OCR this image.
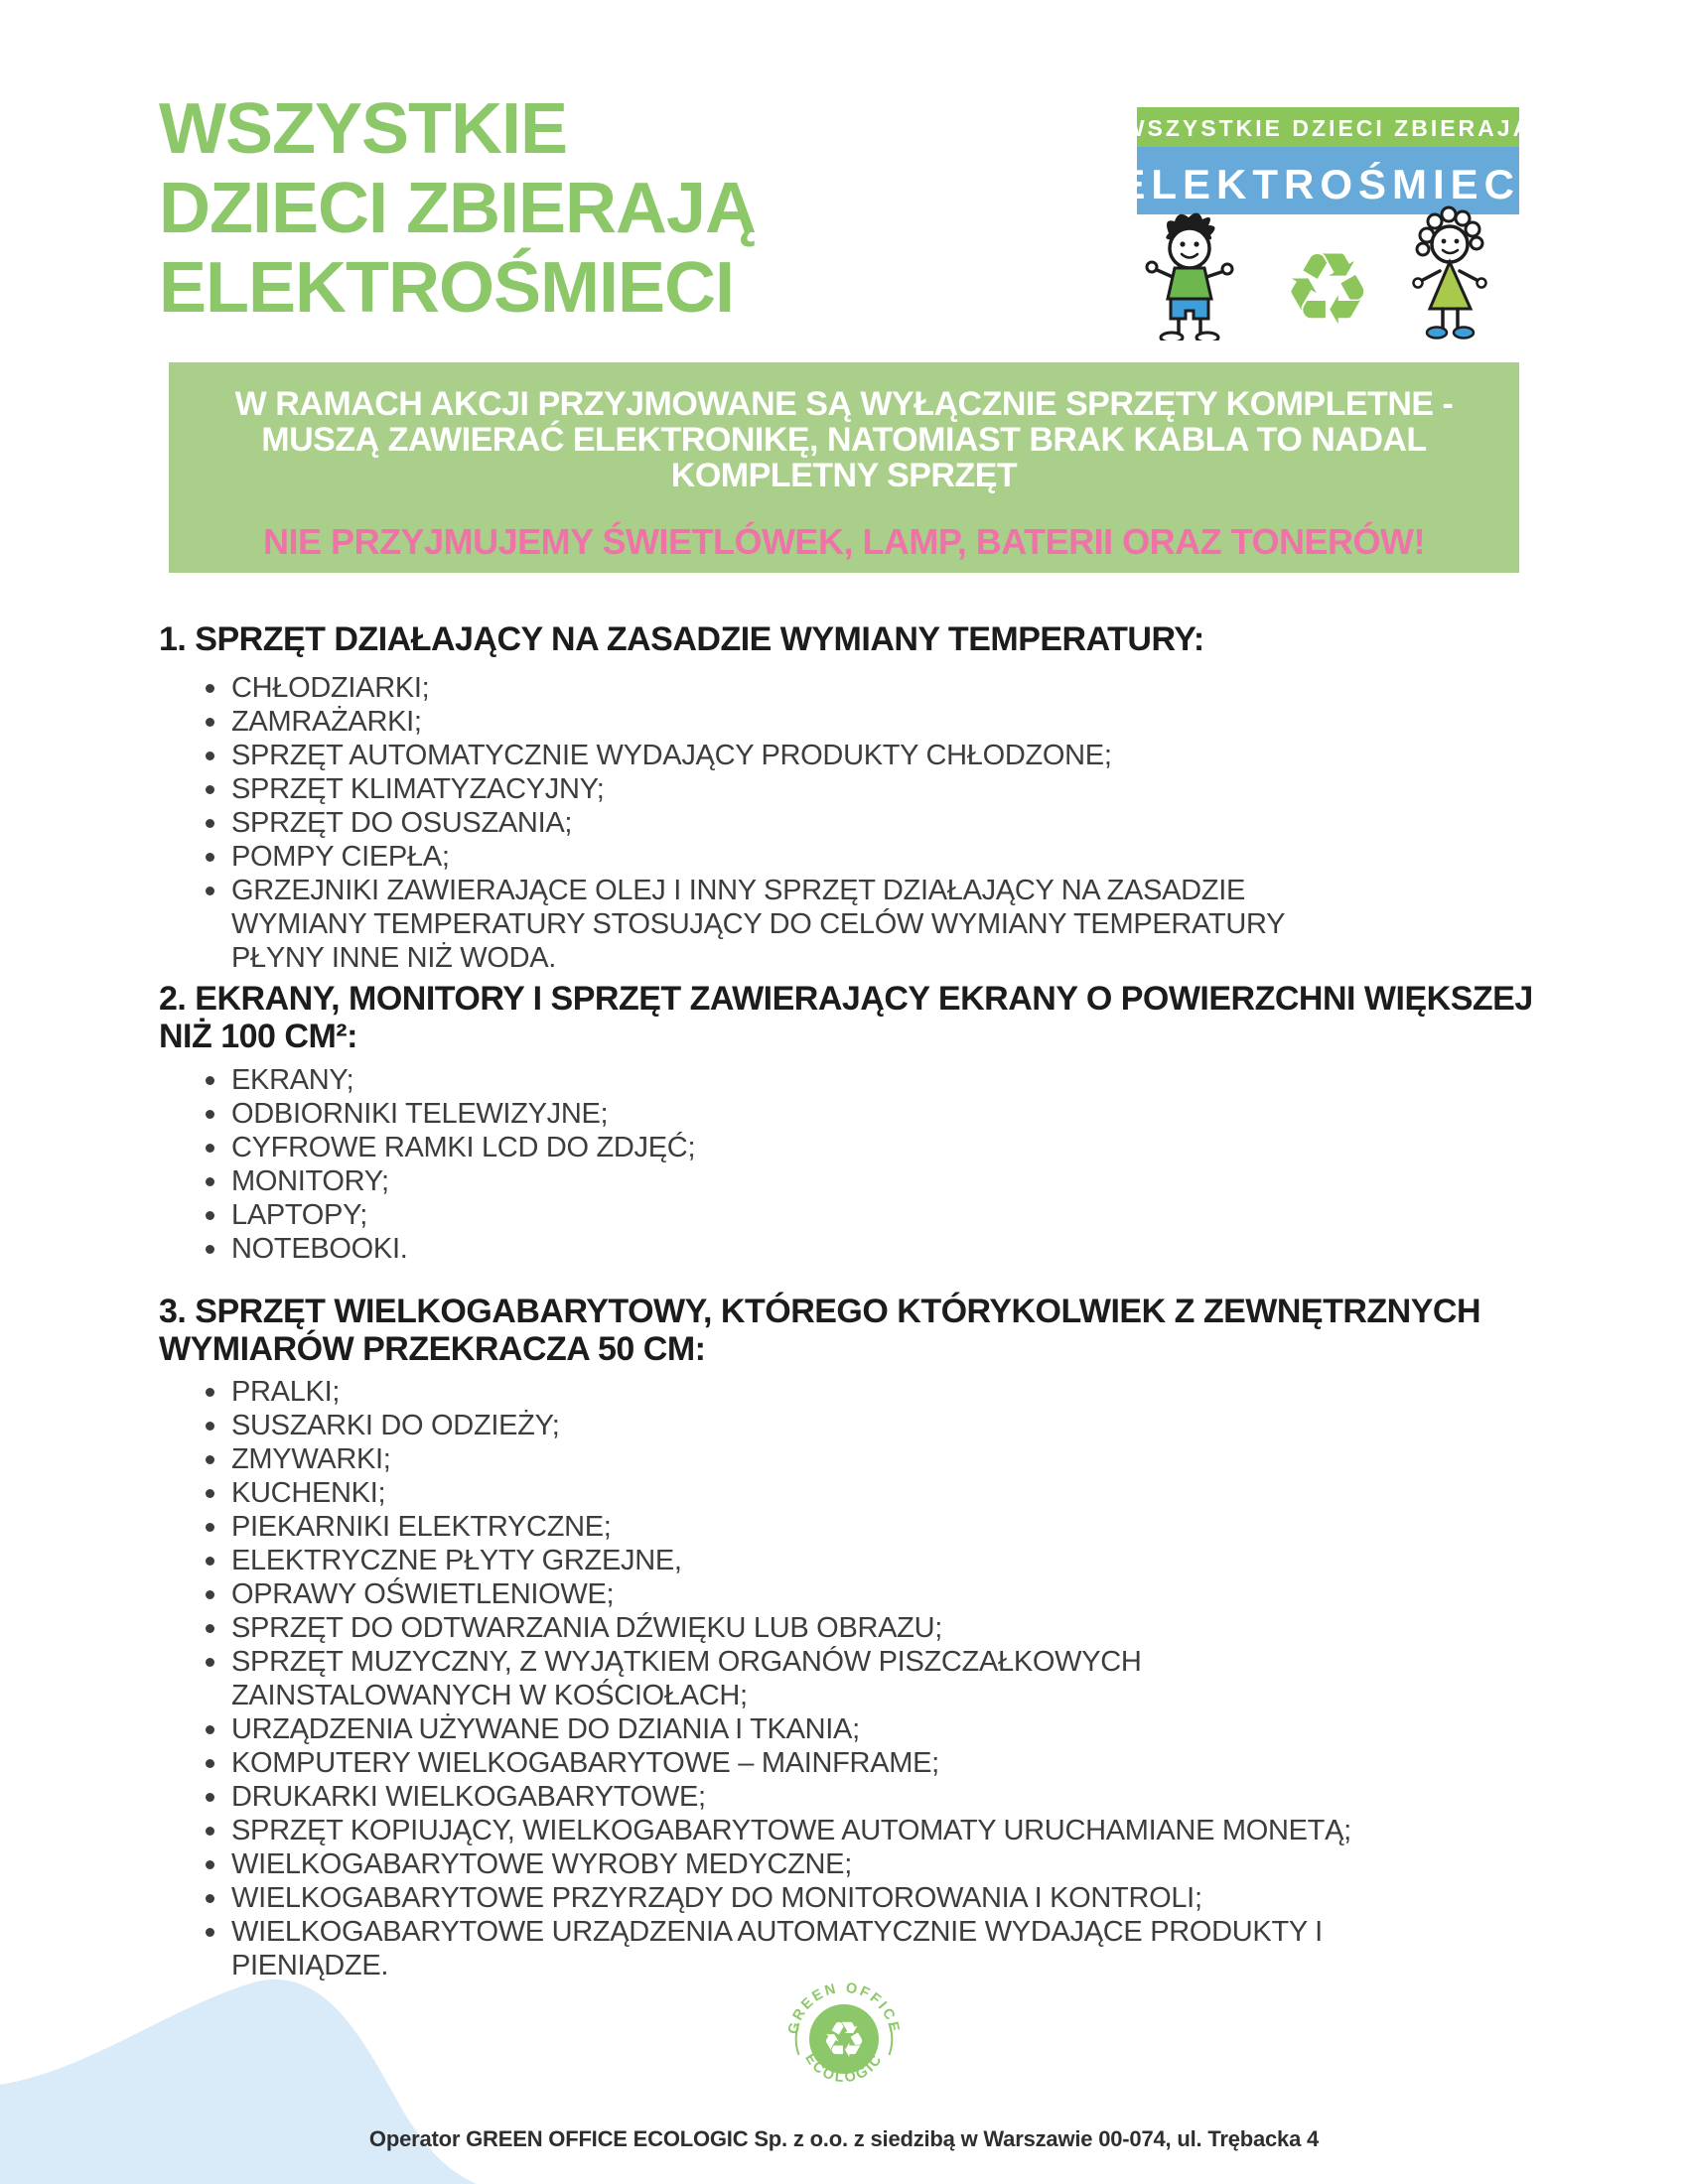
WSZYSTKIE
DZIECI ZBIERAJĄ
ELEKTROŚMIECI
WSZYSTKIE DZIECI ZBIERAJĄ
ELEKTROŚMIECI
♻
W RAMACH AKCJI PRZYJMOWANE SĄ WYŁĄCZNIE SPRZĘTY KOMPLETNE -
MUSZĄ ZAWIERAĆ ELEKTRONIKĘ, NATOMIAST BRAK KABLA TO NADAL
KOMPLETNY SPRZĘT
NIE PRZYJMUJEMY ŚWIETLÓWEK, LAMP, BATERII ORAZ TONERÓW!
1. SPRZĘT DZIAŁAJĄCY NA ZASADZIE WYMIANY TEMPERATURY:
CHŁODZIARKI;
ZAMRAŻARKI;
SPRZĘT AUTOMATYCZNIE WYDAJĄCY PRODUKTY CHŁODZONE;
SPRZĘT KLIMATYZACYJNY;
SPRZĘT DO OSUSZANIA;
POMPY CIEPŁA;
GRZEJNIKI ZAWIERAJĄCE OLEJ I INNY SPRZĘT DZIAŁAJĄCY NA ZASADZIE WYMIANY TEMPERATURY STOSUJĄCY DO CELÓW WYMIANY TEMPERATURY PŁYNY INNE NIŻ WODA.
2. EKRANY, MONITORY I SPRZĘT ZAWIERAJĄCY EKRANY O POWIERZCHNI WIĘKSZEJ
NIŻ 100 CM²:
EKRANY;
ODBIORNIKI TELEWIZYJNE;
CYFROWE RAMKI LCD DO ZDJĘĆ;
MONITORY;
LAPTOPY;
NOTEBOOKI.
3. SPRZĘT WIELKOGABARYTOWY, KTÓREGO KTÓRYKOLWIEK Z ZEWNĘTRZNYCH
WYMIARÓW PRZEKRACZA 50 CM:
PRALKI;
SUSZARKI DO ODZIEŻY;
ZMYWARKI;
KUCHENKI;
PIEKARNIKI ELEKTRYCZNE;
ELEKTRYCZNE PŁYTY GRZEJNE,
OPRAWY OŚWIETLENIOWE;
SPRZĘT DO ODTWARZANIA DŹWIĘKU LUB OBRAZU;
SPRZĘT MUZYCZNY, Z WYJĄTKIEM ORGANÓW PISZCZAŁKOWYCH ZAINSTALOWANYCH W KOŚCIOŁACH;
URZĄDZENIA UŻYWANE DO DZIANIA I TKANIA;
KOMPUTERY WIELKOGABARYTOWE – MAINFRAME;
DRUKARKI WIELKOGABARYTOWE;
SPRZĘT KOPIUJĄCY, WIELKOGABARYTOWE AUTOMATY URUCHAMIANE MONETĄ;
WIELKOGABARYTOWE WYROBY MEDYCZNE;
WIELKOGABARYTOWE PRZYRZĄDY DO MONITOROWANIA I KONTROLI;
WIELKOGABARYTOWE URZĄDZENIA AUTOMATYCZNIE WYDAJĄCE PRODUKTY I PIENIĄDZE.
♻
GREEN OFFICE
ECOLOGIC
Operator GREEN OFFICE ECOLOGIC Sp. z o.o. z siedzibą w Warszawie 00-074, ul. Trębacka 4
